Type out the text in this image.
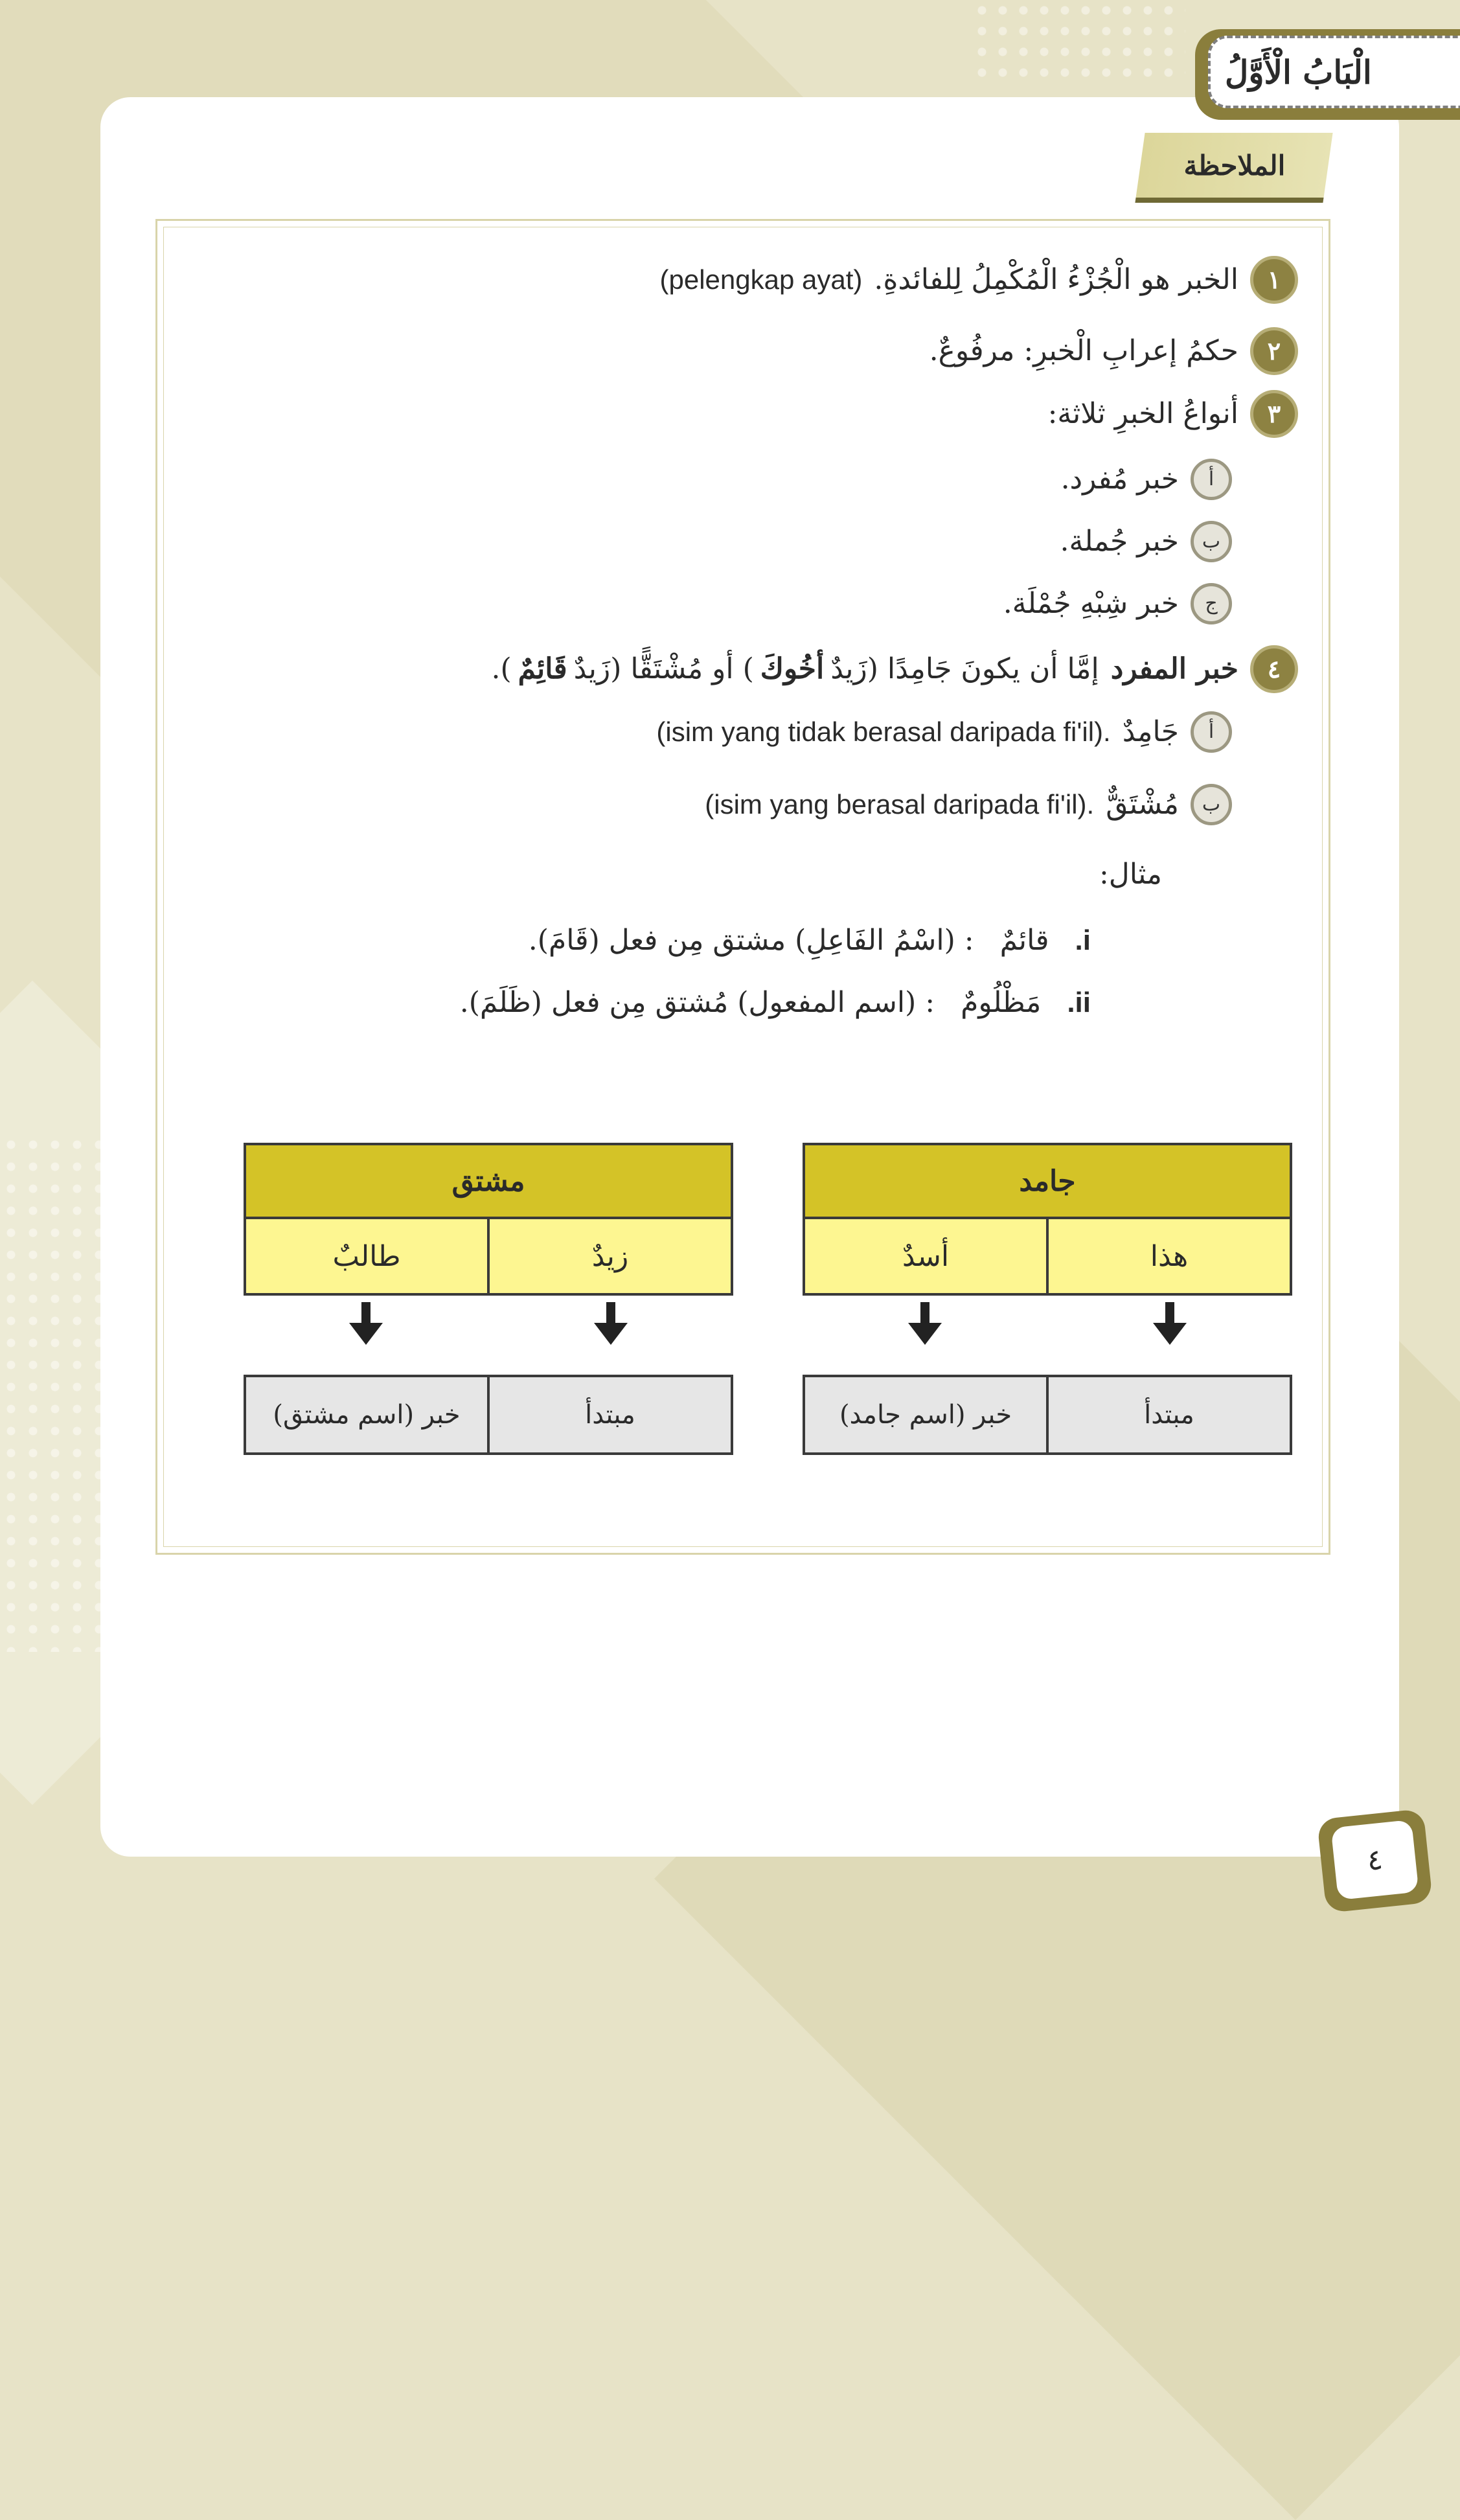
الْبَابُ الْأَوَّلُ
الملاحظة
١
الخبر هو الْجُزْءُ الْمُكْمِلُ لِلفائدةِ.
(pelengkap ayat)
٢
حكمُ إعرابِ الْخبرِ: مرفُوعٌ.
٣
أنواعُ الخبرِ ثلاثة:
أ
خبر مُفرد.
ب
خبر جُملة.
ج
خبر شِبْهِ جُمْلَة.
٤
خبر المفرد
إمَّا أن يكونَ جَامِدًا (زَيدٌ
أخُوكَ
) أو مُشْتَقًّا (زَيدٌ
قَائِمٌ
).
أ
جَامِدٌ
(isim yang tidak berasal daripada fi'il).
ب
مُشْتَقٌّ
(isim yang berasal daripada fi'il).
مثال:
i.
قائمٌ
: (اسْمُ الفَاعِلِ) مشتق مِن فعل (قَامَ).
ii.
مَظْلُومٌ
: (اسم المفعول) مُشتق مِن فعل (ظَلَمَ).
جامد
هذا
أسدٌ
مبتدأ
خبر (اسم جامد)
مشتق
زيدٌ
طالبٌ
مبتدأ
خبر (اسم مشتق)
٤
